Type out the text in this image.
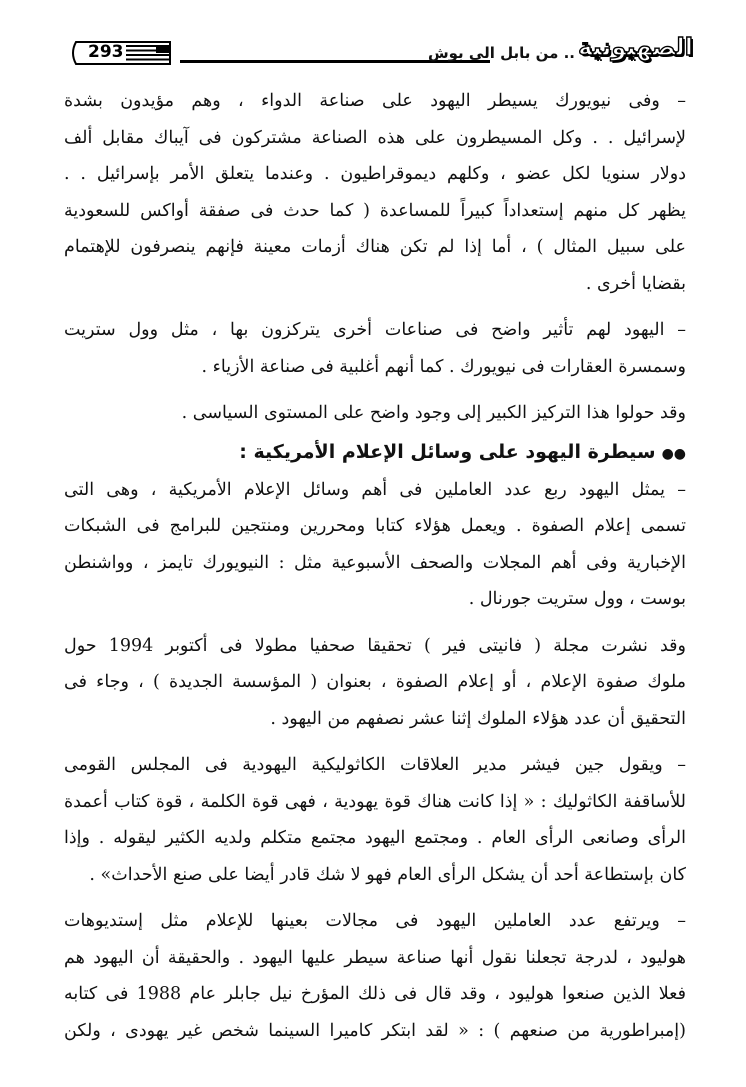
293	.. من بابل الى بوش الصهيونية
– وفى نيويورك يسيطر اليهود على صناعة الدواء ، وهم مؤيدون بشدة
لإسرائيل . . وكل المسيطرون على هذه الصناعة مشتركون فى آيباك مقابل ألف
دولار سنويا لكل عضو ، وكلهم ديموقراطيون . وعندما يتعلق الأمر بإسرائيل . .
يظهر كل منهم إستعداداً كبيراً للمساعدة ( كما حدث فى صفقة أواكس للسعودية
على سبيل المثال ) ، أما إذا لم تكن هناك أزمات معينة فإنهم ينصرفون للإهتمام
بقضايا أخرى .
– اليهود لهم تأثير واضح فى صناعات أخرى يتركزون بها ، مثل وول ستريت
وسمسرة العقارات فى نيويورك . كما أنهم أغلبية فى صناعة الأزياء .
وقد حولوا هذا التركيز الكبير إلى وجود واضح على المستوى السياسى .
●●سيطرة اليهود على وسائل الإعلام الأمريكية :
– يمثل اليهود ربع عدد العاملين فى أهم وسائل الإعلام الأمريكية ، وهى التى
تسمى إعلام الصفوة . ويعمل هؤلاء كتابا ومحررين ومنتجين للبرامج فى الشبكات
الإخبارية وفى أهم المجلات والصحف الأسبوعية مثل : النيويورك تايمز ، وواشنطن
بوست ، وول ستريت جورنال .
وقد نشرت مجلة ( فانيتى فير ) تحقيقا صحفيا مطولا فى أكتوبر 1994 حول
ملوك صفوة الإعلام ، أو إعلام الصفوة ، بعنوان ( المؤسسة الجديدة ) ، وجاء فى
التحقيق أن عدد هؤلاء الملوك إثنا عشر نصفهم من اليهود .
– ويقول جين فيشر مدير العلاقات الكاثوليكية اليهودية فى المجلس القومى
للأساقفة الكاثوليك : « إذا كانت هناك قوة يهودية ، فهى قوة الكلمة ، قوة كتاب أعمدة
الرأى وصانعى الرأى العام . ومجتمع اليهود مجتمع متكلم ولديه الكثير ليقوله . وإذا
كان بإستطاعة أحد أن يشكل الرأى العام فهو لا شك قادر أيضا على صنع الأحداث» .
– ويرتفع عدد العاملين اليهود فى مجالات بعينها للإعلام مثل إستديوهات
هوليود ، لدرجة تجعلنا نقول أنها صناعة سيطر عليها اليهود . والحقيقة أن اليهود هم
فعلا الذين صنعوا هوليود ، وقد قال فى ذلك المؤرخ نيل جابلر عام 1988 فى كتابه
(إمبراطورية من صنعهم ) : « لقد ابتكر كاميرا السينما شخص غير يهودى ، ولكن
